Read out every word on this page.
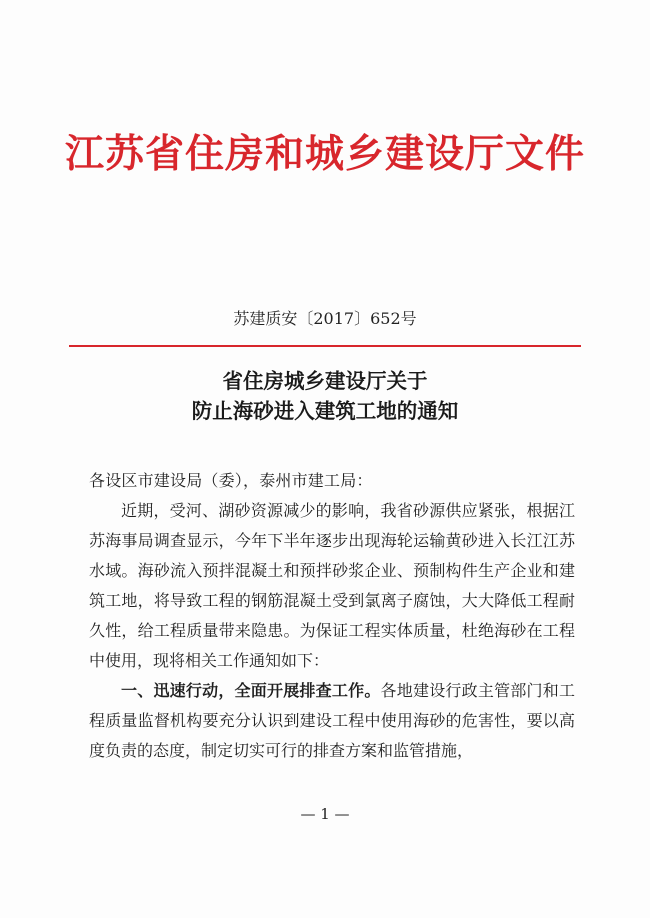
江苏省住房和城乡建设厅文件
苏建质安〔2017〕652号
省住房城乡建设厅关于
防止海砂进入建筑工地的通知

各设区市建设局（委），泰州市建工局：

近期，受河、湖砂资源减少的影响，我省砂源供应紧张，根据江苏海事局调查显示，今年下半年逐步出现海轮运输黄砂进入长江江苏水域。海砂流入预拌混凝土和预拌砂浆企业、预制构件生产企业和建筑工地，将导致工程的钢筋混凝土受到氯离子腐蚀，大大降低工程耐久性，给工程质量带来隐患。为保证工程实体质量，杜绝海砂在工程中使用，现将相关工作通知如下：

一、迅速行动，全面开展排查工作。各地建设行政主管部门和工程质量监督机构要充分认识到建设工程中使用海砂的危害性，要以高度负责的态度，制定切实可行的排查方案和监管措施，

— 1 —
